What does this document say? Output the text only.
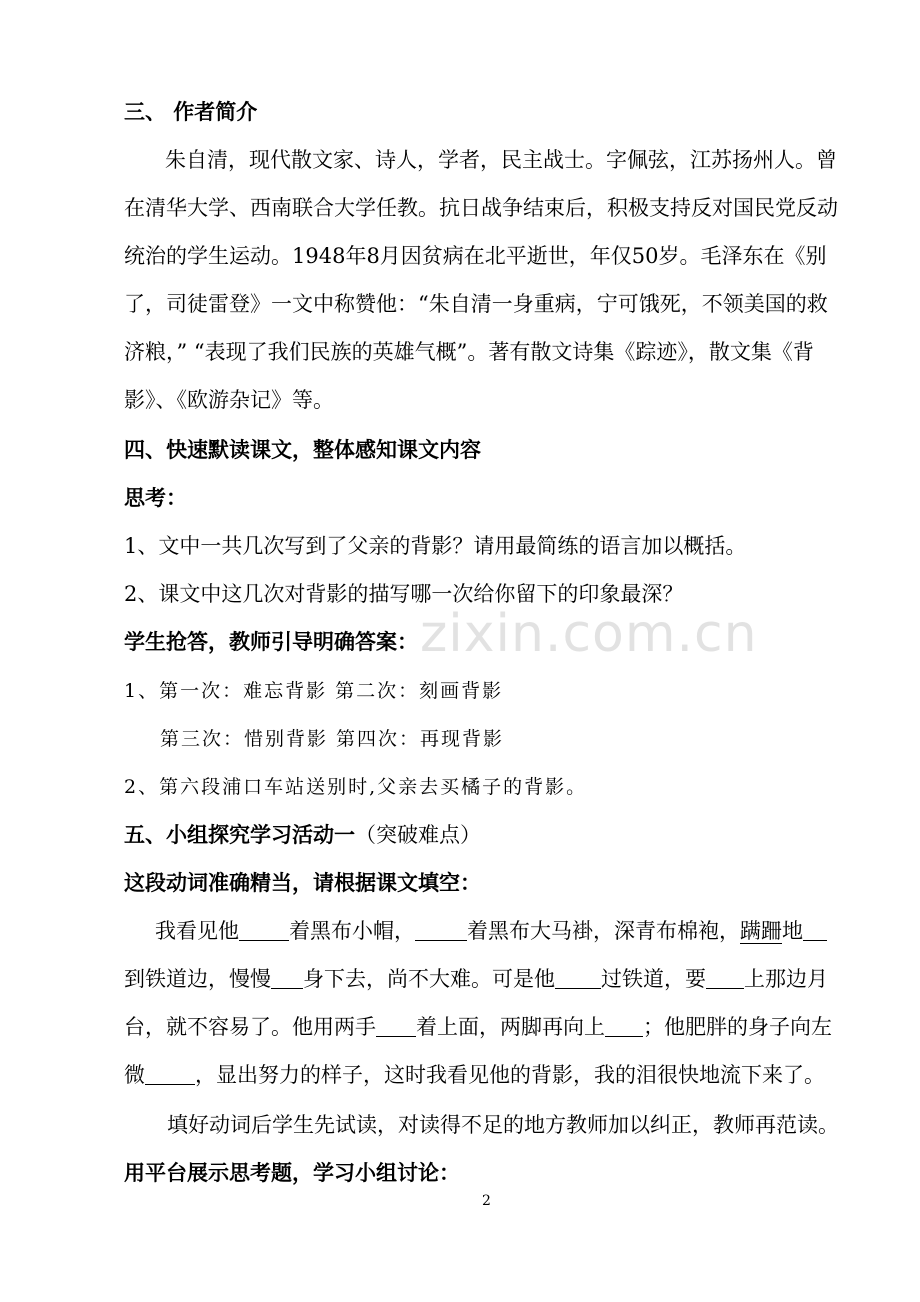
zixin.com.cn
三、 作者简介
朱自清，现代散文家、诗人，学者，民主战士。字佩弦，江苏扬州人。曾
在清华大学、西南联合大学任教。抗日战争结束后，积极支持反对国民党反动
统治的学生运动。1948年8月因贫病在北平逝世，年仅50岁。毛泽东在《别
了，司徒雷登》一文中称赞他：“朱自清一身重病，宁可饿死，不领美国的救
济粮，” “表现了我们民族的英雄气概”。著有散文诗集《踪迹》，散文集《背
影》、《欧游杂记》等。
四、快速默读课文，整体感知课文内容
思考：
1、文中一共几次写到了父亲的背影？请用最简练的语言加以概括。
2、课文中这几次对背影的描写哪一次给你留下的印象最深？
学生抢答，教师引导明确答案：
1、第一次：难忘背影 第二次：刻画背影
第三次：惜别背影 第四次：再现背影
2、第六段浦口车站送别时,父亲去买橘子的背影。
五、小组探究学习活动一（突破难点）
这段动词准确精当，请根据课文填空：
我看见他 着黑布小帽， 着黑布大马褂，深青布棉袍，蹒跚地
到铁道边，慢慢 身下去，尚不大难。可是他 过铁道，要 上那边月
台，就不容易了。他用两手 着上面，两脚再向上 ；他肥胖的身子向左
微 ，显出努力的样子，这时我看见他的背影，我的泪很快地流下来了。
填好动词后学生先试读，对读得不足的地方教师加以纠正，教师再范读。
用平台展示思考题，学习小组讨论：
2
